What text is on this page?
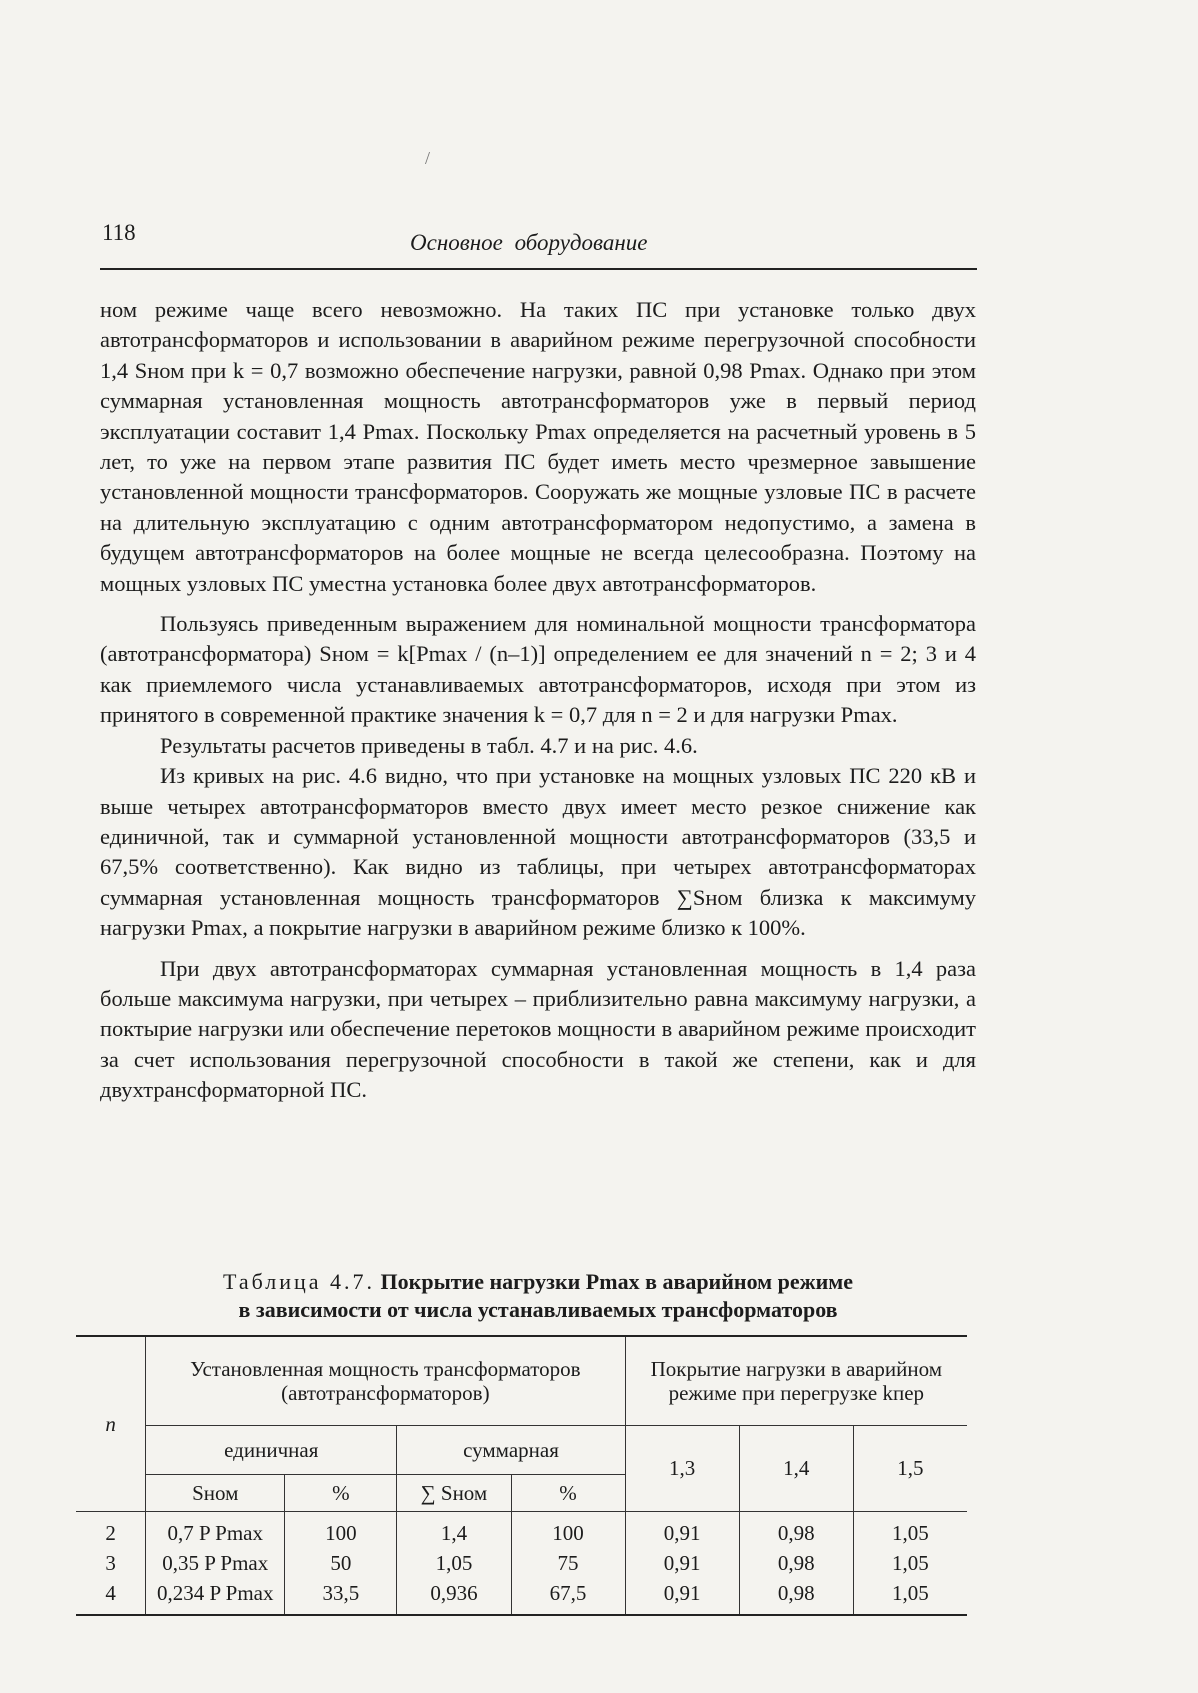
/
118	Основное оборудование

ном режиме чаще всего невозможно. На таких ПС при установке только двух автотрансформаторов и использовании в аварийном режиме перегрузочной способности 1,4 Sном при k = 0,7 возможно обеспечение нагрузки, равной 0,98 Pmax. Однако при этом суммарная установленная мощность автотрансформаторов уже в первый период эксплуатации составит 1,4 Pmax. Поскольку Pmax определяется на расчетный уровень в 5 лет, то уже на первом этапе развития ПС будет иметь место чрезмерное завышение установленной мощности трансформаторов. Сооружать же мощные узловые ПС в расчете на длительную эксплуатацию с одним автотрансформатором недопустимо, а замена в будущем автотрансформаторов на более мощные не всегда целесообразна. Поэтому на мощных узловых ПС уместна установка более двух автотрансформаторов.

Пользуясь приведенным выражением для номинальной мощности трансформатора (автотрансформатора) Sном = k[Pmax / (n–1)] определением ее для значений n = 2; 3 и 4 как приемлемого числа устанавливаемых автотрансформаторов, исходя при этом из принятого в современной практике значения k = 0,7 для n = 2 и для нагрузки Pmax.

Результаты расчетов приведены в табл. 4.7 и на рис. 4.6.

Из кривых на рис. 4.6 видно, что при установке на мощных узловых ПС 220 кВ и выше четырех автотрансформаторов вместо двух имеет место резкое снижение как единичной, так и суммарной установленной мощности автотрансформаторов (33,5 и 67,5% соответственно). Как видно из таблицы, при четырех автотрансформаторах суммарная установленная мощность трансформаторов ∑Sном близка к максимуму нагрузки Pmax, а покрытие нагрузки в аварийном режиме близко к 100%.

При двух автотрансформаторах суммарная установленная мощность в 1,4 раза больше максимума нагрузки, при четырех – приблизительно равна максимуму нагрузки, а поктырие нагрузки или обеспечение перетоков мощности в аварийном режиме происходит за счет использования перегрузочной способности в такой же степени, как и для двухтрансформаторной ПС.

Таблица 4.7. Покрытие нагрузки Pmax в аварийном режиме
в зависимости от числа устанавливаемых трансформаторов
n	Установленная мощность трансформаторов (автотрансформаторов)				Покрытие нагрузки в аварийном режиме при перегрузке kпер		
	единичная		суммарная		1,3	1,4	1,5
	Sном	%	∑ Sном	%			
2	0,7 P Pmax	100	1,4	100	0,91	0,98	1,05
3	0,35 P Pmax	50	1,05	75	0,91	0,98	1,05
4	0,234 P Pmax	33,5	0,936	67,5	0,91	0,98	1,05
